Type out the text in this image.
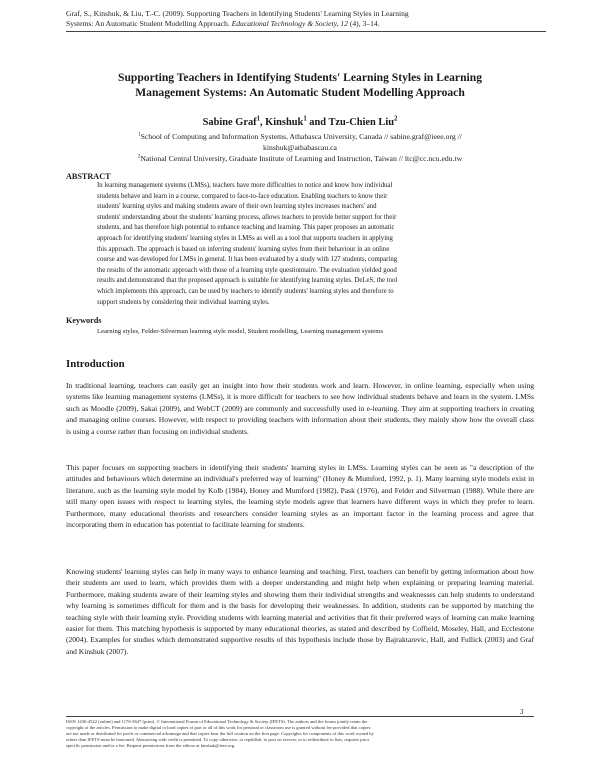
Graf, S., Kinshuk, & Liu, T.-C. (2009). Supporting Teachers in Identifying Students' Learning Styles in Learning
Systems: An Automatic Student Modelling Approach. Educational Technology & Society, 12 (4), 3–14.
Supporting Teachers in Identifying Students' Learning Styles in Learning
Management Systems: An Automatic Student Modelling Approach
Sabine Graf$^1$, Kinshuk$^1$ and Tzu-Chien Liu$^2$
$^1$School of Computing and Information Systems, Athabasca University, Canada // sabine.graf@ieee.org //
kinshuk@athabascau.ca
$^2$National Central University, Graduate Institute of Learning and Instruction, Taiwan // ltc@cc.ncu.edu.tw
ABSTRACT
In learning management systems (LMSs), teachers have more difficulties to notice and know how individual
students behave and learn in a course, compared to face-to-face education. Enabling teachers to know their
students' learning styles and making students aware of their own learning styles increases teachers' and
students' understanding about the students' learning process, allows teachers to provide better support for their
students, and has therefore high potential to enhance teaching and learning. This paper proposes an automatic
approach for identifying students' learning styles in LMSs as well as a tool that supports teachers in applying
this approach. The approach is based on inferring students' learning styles from their behaviour in an online
course and was developed for LMSs in general. It has been evaluated by a study with 127 students, comparing
the results of the automatic approach with those of a learning style questionnaire. The evaluation yielded good
results and demonstrated that the proposed approach is suitable for identifying learning styles. DeLeS, the tool
which implements this approach, can be used by teachers to identify students' learning styles and therefore to
support students by considering their individual learning styles.
Keywords
Learning styles, Felder-Silverman learning style model, Student modelling, Learning management systems
Introduction
In traditional learning, teachers can easily get an insight into how their students work and learn. However, in online learning, especially when using systems like learning management systems (LMSs), it is more difficult for teachers to see how individual students behave and learn in the system. LMSs such as Moodle (2009), Sakai (2009), and WebCT (2009) are commonly and successfully used in e-learning. They aim at supporting teachers in creating and managing online courses. However, with respect to providing teachers with information about their students, they mainly show how the overall class is using a course rather than focusing on individual students.
This paper focuses on supporting teachers in identifying their students' learning styles in LMSs. Learning styles can be seen as "a description of the attitudes and behaviours which determine an individual's preferred way of learning" (Honey & Mumford, 1992, p. 1). Many learning style models exist in literature, such as the learning style model by Kolb (1984), Honey and Mumford (1982), Pask (1976), and Felder and Silverman (1988). While there are still many open issues with respect to learning styles, the learning style models agree that learners have different ways in which they prefer to learn. Furthermore, many educational theorists and researchers consider learning styles as an important factor in the learning process and agree that incorporating them in education has potential to facilitate learning for students.
Knowing students' learning styles can help in many ways to enhance learning and teaching. First, teachers can benefit by getting information about how their students are used to learn, which provides them with a deeper understanding and might help when explaining or preparing learning material. Furthermore, making students aware of their learning styles and showing them their individual strengths and weaknesses can help students to understand why learning is sometimes difficult for them and is the basis for developing their weaknesses. In addition, students can be supported by matching the teaching style with their learning style. Providing students with learning material and activities that fit their preferred ways of learning can make learning easier for them. This matching hypothesis is supported by many educational theories, as stated and described by Coffield, Moseley, Hall, and Ecclestone (2004). Examples for studies which demonstrated supportive results of this hypothesis include those by Bajraktarevic, Hall, and Fullick (2003) and Graf and Kinshuk (2007).
3
ISSN 1436-4522 (online) and 1176-3647 (print). © International Forum of Educational Technology & Society (IFETS). The authors and the forum jointly retain the
copyright of the articles. Permission to make digital or hard copies of part or all of this work for personal or classroom use is granted without fee provided that copies
are not made or distributed for profit or commercial advantage and that copies bear the full citation on the first page. Copyrights for components of this work owned by
others than IFETS must be honoured. Abstracting with credit is permitted. To copy otherwise, to republish, to post on servers, or to redistribute to lists, requires prior
specific permission and/or a fee. Request permissions from the editors at kinshuk@ieee.org.
